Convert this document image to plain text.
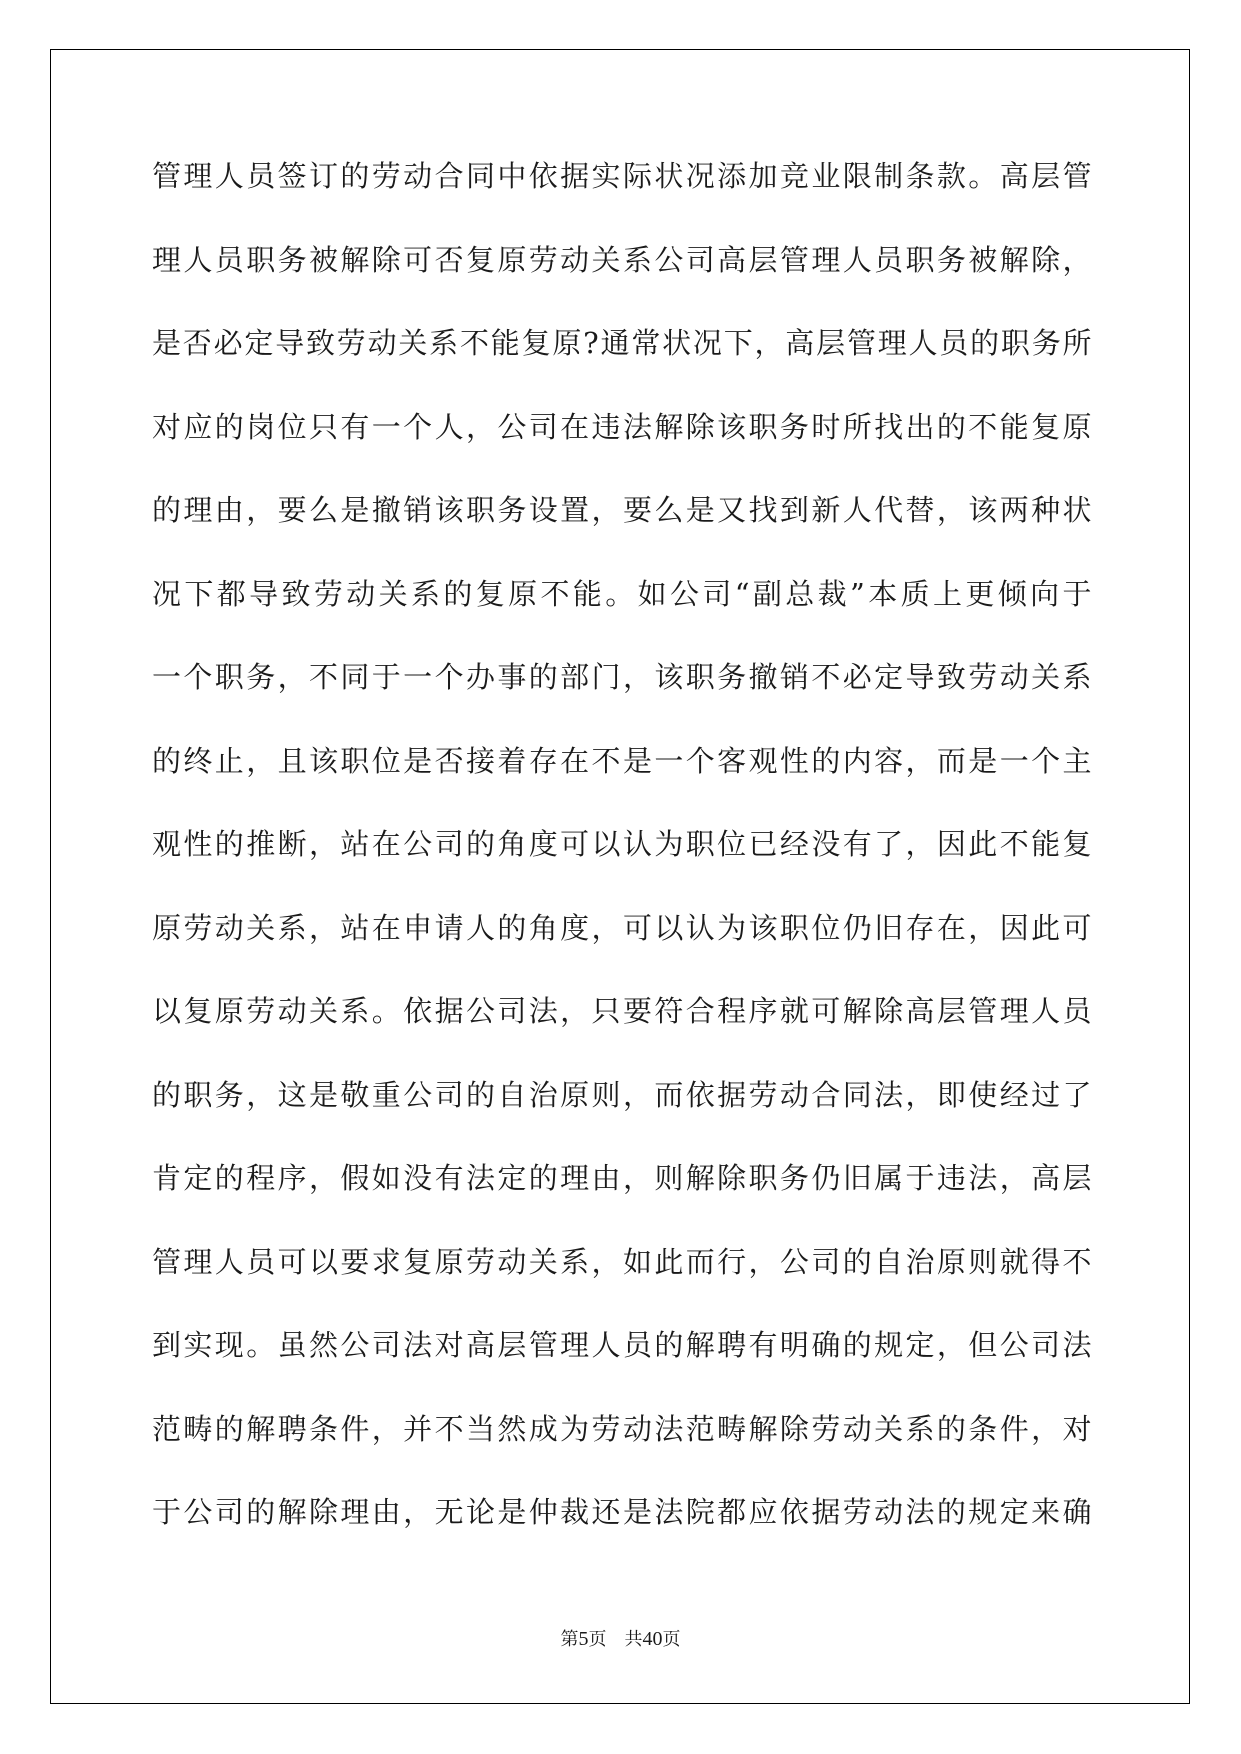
管理人员签订的劳动合同中依据实际状况添加竞业限制条款。高层管
理人员职务被解除可否复原劳动关系公司高层管理人员职务被解除，
是否必定导致劳动关系不能复原?通常状况下，高层管理人员的职务所
对应的岗位只有一个人，公司在违法解除该职务时所找出的不能复原
的理由，要么是撤销该职务设置，要么是又找到新人代替，该两种状
况下都导致劳动关系的复原不能。如公司“副总裁”本质上更倾向于
一个职务，不同于一个办事的部门，该职务撤销不必定导致劳动关系
的终止，且该职位是否接着存在不是一个客观性的内容，而是一个主
观性的推断，站在公司的角度可以认为职位已经没有了，因此不能复
原劳动关系，站在申请人的角度，可以认为该职位仍旧存在，因此可
以复原劳动关系。依据公司法，只要符合程序就可解除高层管理人员
的职务，这是敬重公司的自治原则，而依据劳动合同法，即使经过了
肯定的程序，假如没有法定的理由，则解除职务仍旧属于违法，高层
管理人员可以要求复原劳动关系，如此而行，公司的自治原则就得不
到实现。虽然公司法对高层管理人员的解聘有明确的规定，但公司法
范畴的解聘条件，并不当然成为劳动法范畴解除劳动关系的条件，对
于公司的解除理由，无论是仲裁还是法院都应依据劳动法的规定来确
第5页　共40页
